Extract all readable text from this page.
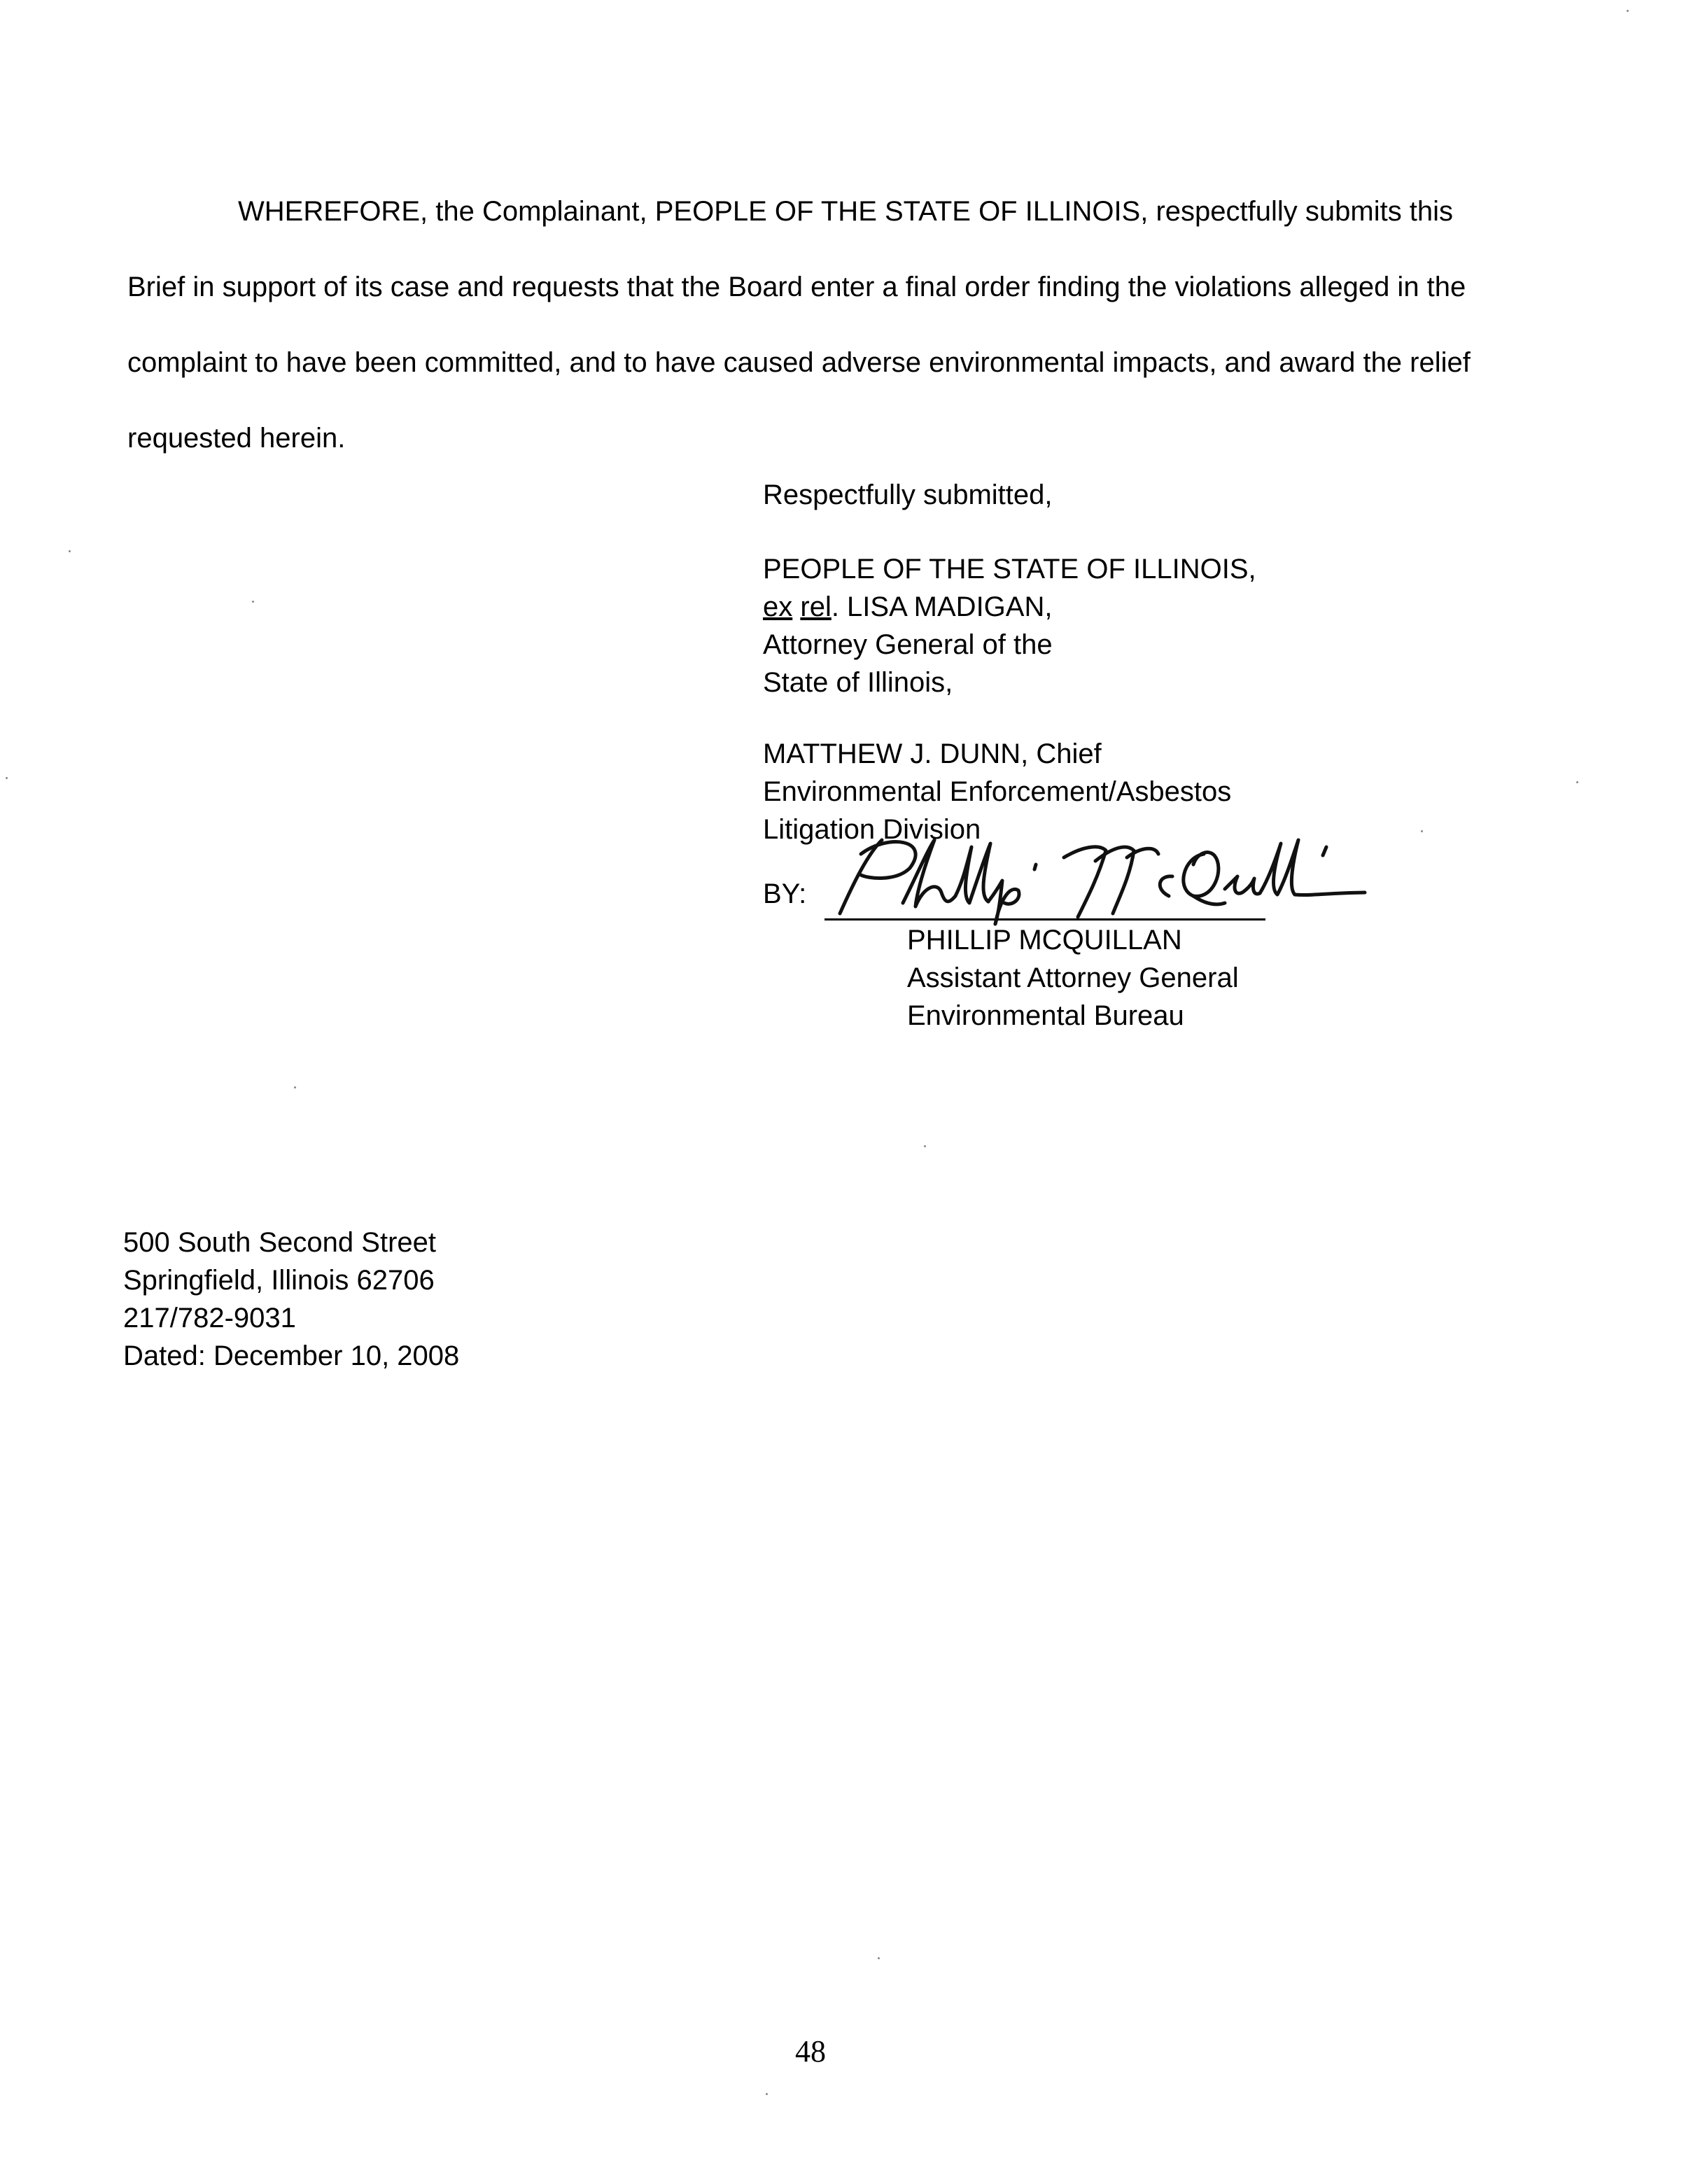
WHEREFORE, the Complainant, PEOPLE OF THE STATE OF ILLINOIS, respectfully submits this Brief in support of its case and requests that the Board enter a final order finding the violations alleged in the complaint to have been committed, and to have caused adverse environmental impacts, and award the relief requested herein.

Respectfully submitted,
PEOPLE OF THE STATE OF ILLINOIS,
ex rel. LISA MADIGAN,
Attorney General of the
State of Illinois,
MATTHEW J. DUNN, Chief
Environmental Enforcement/Asbestos
Litigation Division
BY:
PHILLIP MCQUILLAN
Assistant Attorney General
Environmental Bureau
500 South Second Street
Springfield, Illinois 62706
217/782-9031
Dated: December 10, 2008
48
